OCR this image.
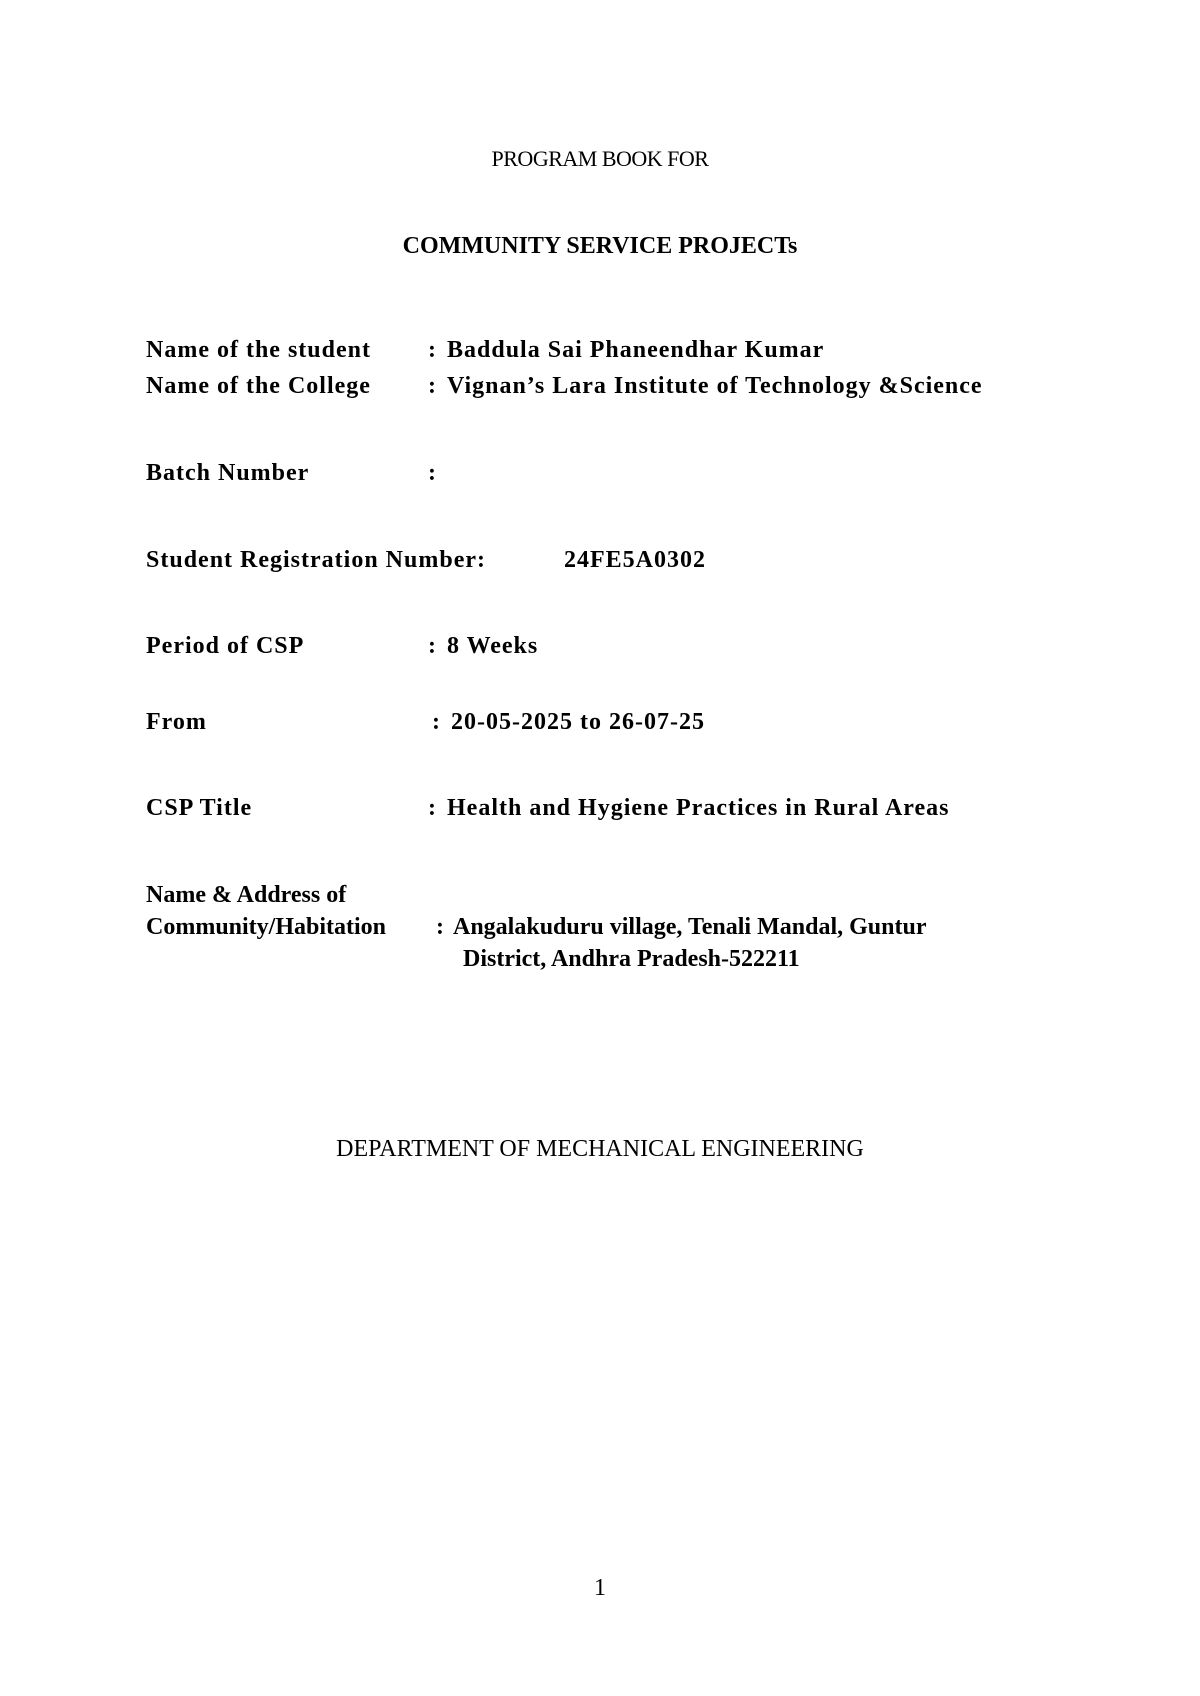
PROGRAM BOOK FOR
COMMUNITY SERVICE PROJECTs
Name of the student : Baddula Sai Phaneendhar Kumar
Name of the College : Vignan’s Lara Institute of Technology &Science
Batch Number	:
Student Registration Number:	24FE5A0302
Period of CSP	: 8 Weeks
From	: 20-05-2025 to 26-07-25
CSP Title	: Health and Hygiene Practices in Rural Areas
Name & Address of
Community/Habitation : Angalakuduru village, Tenali Mandal, Guntur
District, Andhra Pradesh-522211
DEPARTMENT OF MECHANICAL ENGINEERING
1
